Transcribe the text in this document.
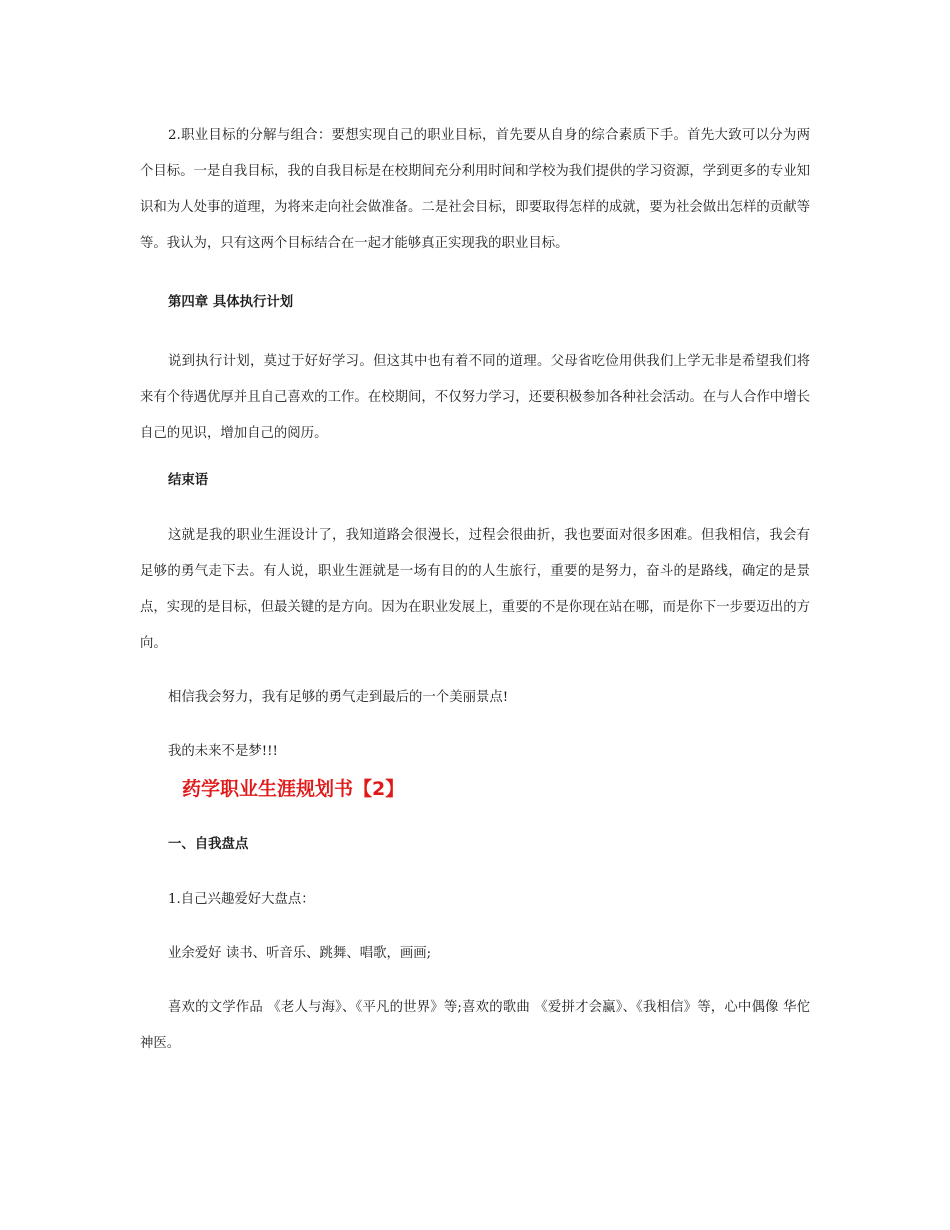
2.职业目标的分解与组合：要想实现自己的职业目标，首先要从自身的综合素质下手。首先大致可以分为两个目标。一是自我目标，我的自我目标是在校期间充分利用时间和学校为我们提供的学习资源，学到更多的专业知识和为人处事的道理，为将来走向社会做准备。二是社会目标，即要取得怎样的成就，要为社会做出怎样的贡献等等。我认为，只有这两个目标结合在一起才能够真正实现我的职业目标。

第四章 具体执行计划

说到执行计划，莫过于好好学习。但这其中也有着不同的道理。父母省吃俭用供我们上学无非是希望我们将来有个待遇优厚并且自己喜欢的工作。在校期间，不仅努力学习，还要积极参加各种社会活动。在与人合作中增长自己的见识，增加自己的阅历。

结束语

这就是我的职业生涯设计了，我知道路会很漫长，过程会很曲折，我也要面对很多困难。但我相信，我会有足够的勇气走下去。有人说，职业生涯就是一场有目的的人生旅行，重要的是努力，奋斗的是路线，确定的是景点，实现的是目标，但最关键的是方向。因为在职业发展上，重要的不是你现在站在哪，而是你下一步要迈出的方向。

相信我会努力，我有足够的勇气走到最后的一个美丽景点!

我的未来不是梦!!!

药学职业生涯规划书【2】

一、自我盘点

1.自己兴趣爱好大盘点：

业余爱好 读书、听音乐、跳舞、唱歌，画画;

喜欢的文学作品 《老人与海》、《平凡的世界》等;喜欢的歌曲 《爱拼才会赢》、《我相信》等，心中偶像 华佗神医。
